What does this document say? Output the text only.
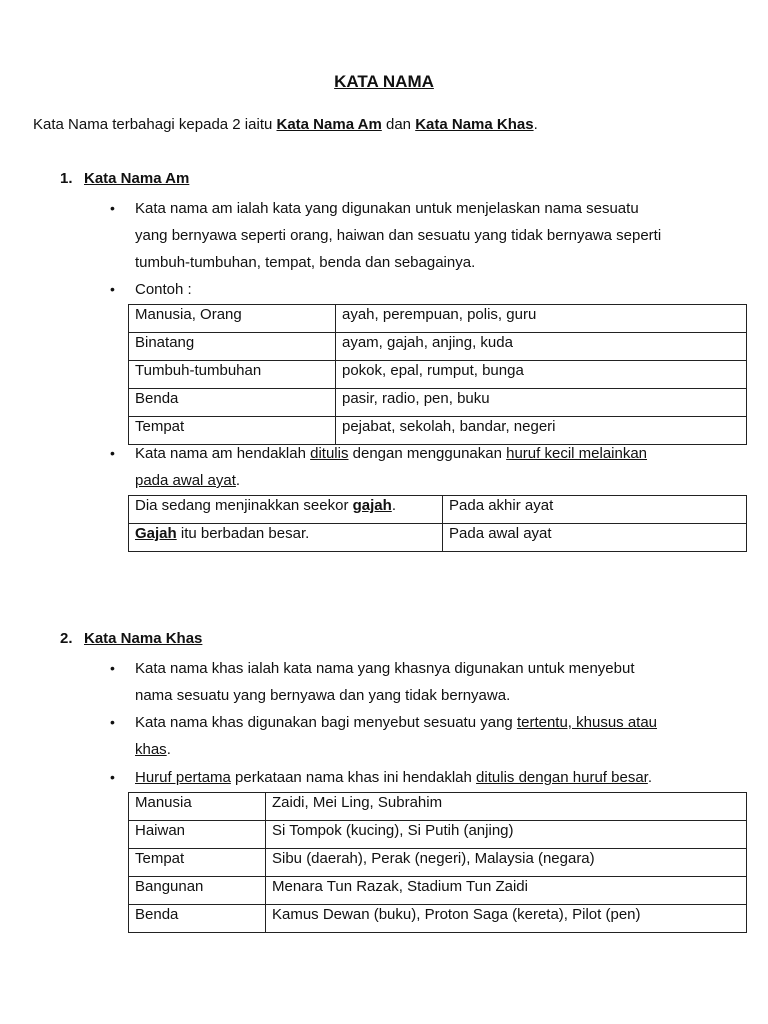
KATA NAMA
Kata Nama terbahagi kepada 2 iaitu Kata Nama Am dan Kata Nama Khas.
1. Kata Nama Am
• Kata nama am ialah kata yang digunakan untuk menjelaskan nama sesuatu
yang bernyawa seperti orang, haiwan dan sesuatu yang tidak bernyawa seperti
tumbuh-tumbuhan, tempat, benda dan sebagainya.
• Contoh :
Manusia, Orang	ayah, perempuan, polis, guru
Binatang	ayam, gajah, anjing, kuda
Tumbuh-tumbuhan	pokok, epal, rumput, bunga
Benda	pasir, radio, pen, buku
Tempat	pejabat, sekolah, bandar, negeri
• Kata nama am hendaklah ditulis dengan menggunakan huruf kecil melainkan
pada awal ayat.
Dia sedang menjinakkan seekor gajah.	Pada akhir ayat
Gajah itu berbadan besar.	Pada awal ayat
2. Kata Nama Khas
• Kata nama khas ialah kata nama yang khasnya digunakan untuk menyebut
nama sesuatu yang bernyawa dan yang tidak bernyawa.
• Kata nama khas digunakan bagi menyebut sesuatu yang tertentu, khusus atau
khas.
• Huruf pertama perkataan nama khas ini hendaklah ditulis dengan huruf besar.
Manusia	Zaidi, Mei Ling, Subrahim
Haiwan	Si Tompok (kucing), Si Putih (anjing)
Tempat	Sibu (daerah), Perak (negeri), Malaysia (negara)
Bangunan	Menara Tun Razak, Stadium Tun Zaidi
Benda	Kamus Dewan (buku), Proton Saga (kereta), Pilot (pen)
